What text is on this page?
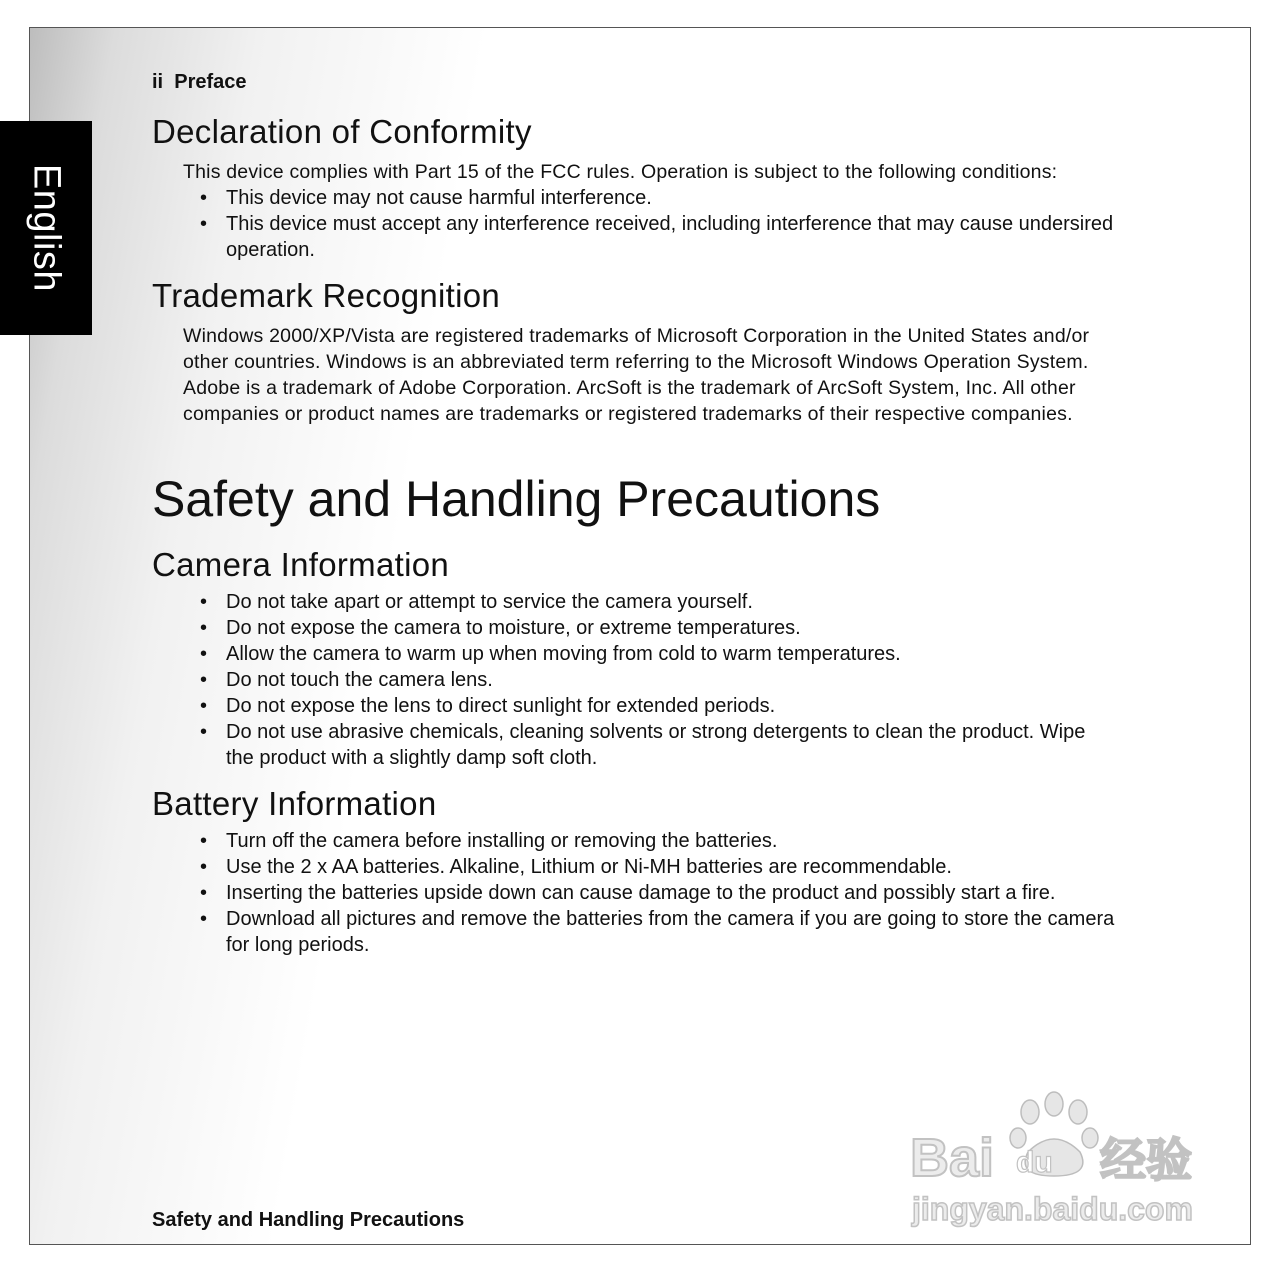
English
ii  Preface
Declaration of Conformity

This device complies with Part 15 of the FCC rules. Operation is subject to the following conditions:

• This device may not cause harmful interference.
• This device must accept any interference received, including interference that may cause undersired operation.
Trademark Recognition

Windows 2000/XP/Vista are registered trademarks of Microsoft Corporation in the United States and/or other countries. Windows is an abbreviated term referring to the Microsoft Windows Operation System. Adobe is a trademark of Adobe Corporation. ArcSoft is the trademark of ArcSoft System, Inc. All other companies or product names are trademarks or registered trademarks of their respective companies.

Safety and Handling Precautions
Camera Information
• Do not take apart or attempt to service the camera yourself.
• Do not expose the camera to moisture, or extreme temperatures.
• Allow the camera to warm up when moving from cold to warm temperatures.
• Do not touch the camera lens.
• Do not expose the lens to direct sunlight for extended periods.
• Do not use abrasive chemicals, cleaning solvents or strong detergents to clean the product. Wipe the product with a slightly damp soft cloth.
Battery Information
• Turn off the camera before installing or removing the batteries.
• Use the 2 x AA batteries. Alkaline, Lithium or Ni-MH batteries are recommendable.
• Inserting the batteries upside down can cause damage to the product and possibly start a fire.
• Download all pictures and remove the batteries from the camera if you are going to store the camera for long periods.
Safety and Handling Precautions
Bai du 经验
jingyan.baidu.com
